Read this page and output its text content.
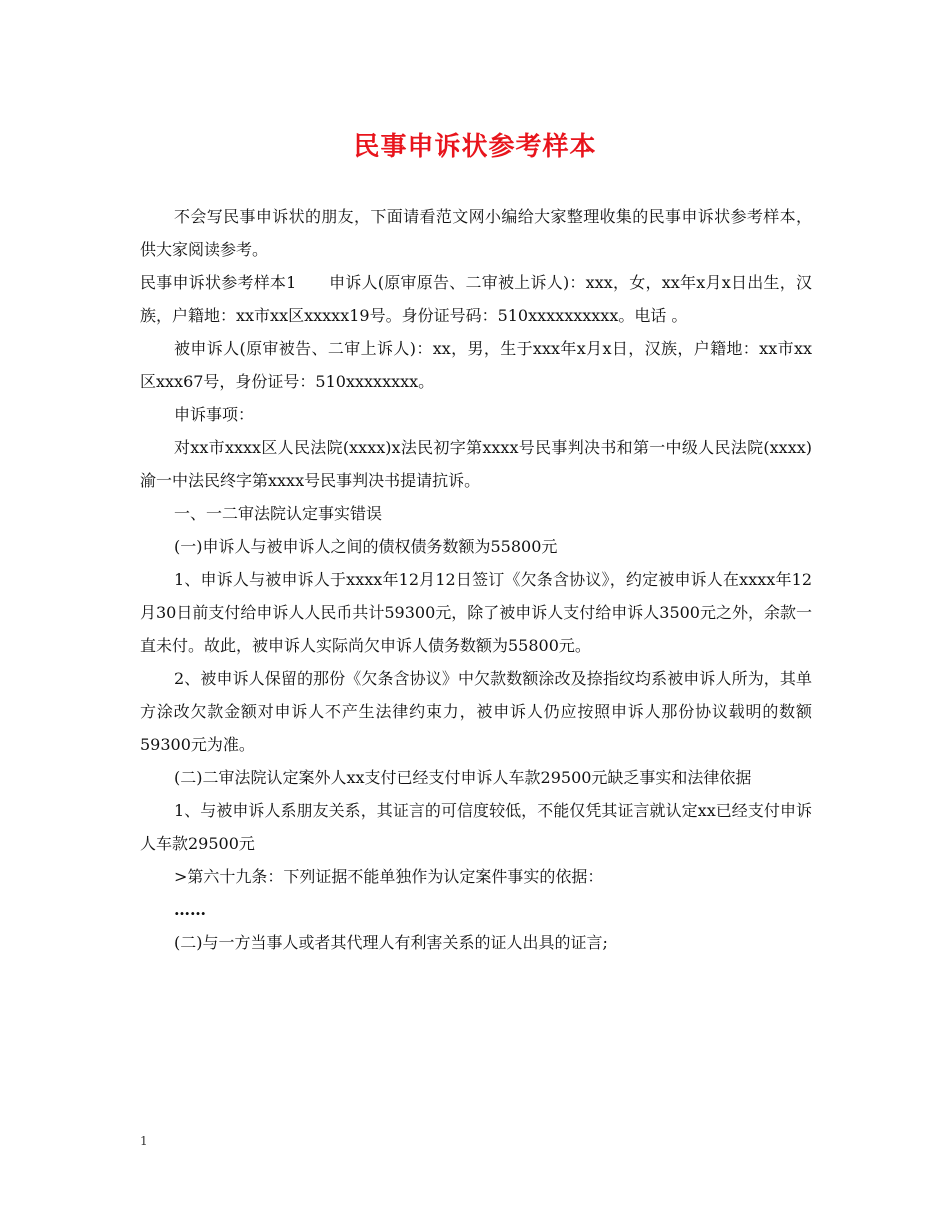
民事申诉状参考样本

不会写民事申诉状的朋友，下面请看范文网小编给大家整理收集的民事申诉状参考样本，供大家阅读参考。

民事申诉状参考样本1　　申诉人(原审原告、二审被上诉人)：xxx，女，xx年x月x日出生，汉族，户籍地：xx市xx区xxxxx19号。身份证号码：510xxxxxxxxxx。电话 。

被申诉人(原审被告、二审上诉人)：xx，男，生于xxx年x月x日，汉族，户籍地：xx市xx区xxx67号，身份证号：510xxxxxxxx。

申诉事项：

对xx市xxxx区人民法院(xxxx)x法民初字第xxxx号民事判决书和第一中级人民法院(xxxx)渝一中法民终字第xxxx号民事判决书提请抗诉。

一、一二审法院认定事实错误

(一)申诉人与被申诉人之间的债权债务数额为55800元

1、申诉人与被申诉人于xxxx年12月12日签订《欠条含协议》，约定被申诉人在xxxx年12月30日前支付给申诉人人民币共计59300元，除了被申诉人支付给申诉人3500元之外，余款一直未付。故此，被申诉人实际尚欠申诉人债务数额为55800元。

2、被申诉人保留的那份《欠条含协议》中欠款数额涂改及捺指纹均系被申诉人所为，其单方涂改欠款金额对申诉人不产生法律约束力，被申诉人仍应按照申诉人那份协议载明的数额59300元为准。

(二)二审法院认定案外人xx支付已经支付申诉人车款29500元缺乏事实和法律依据

1、与被申诉人系朋友关系，其证言的可信度较低，不能仅凭其证言就认定xx已经支付申诉人车款29500元

>第六十九条：下列证据不能单独作为认定案件事实的依据：

……

(二)与一方当事人或者其代理人有利害关系的证人出具的证言;

1
